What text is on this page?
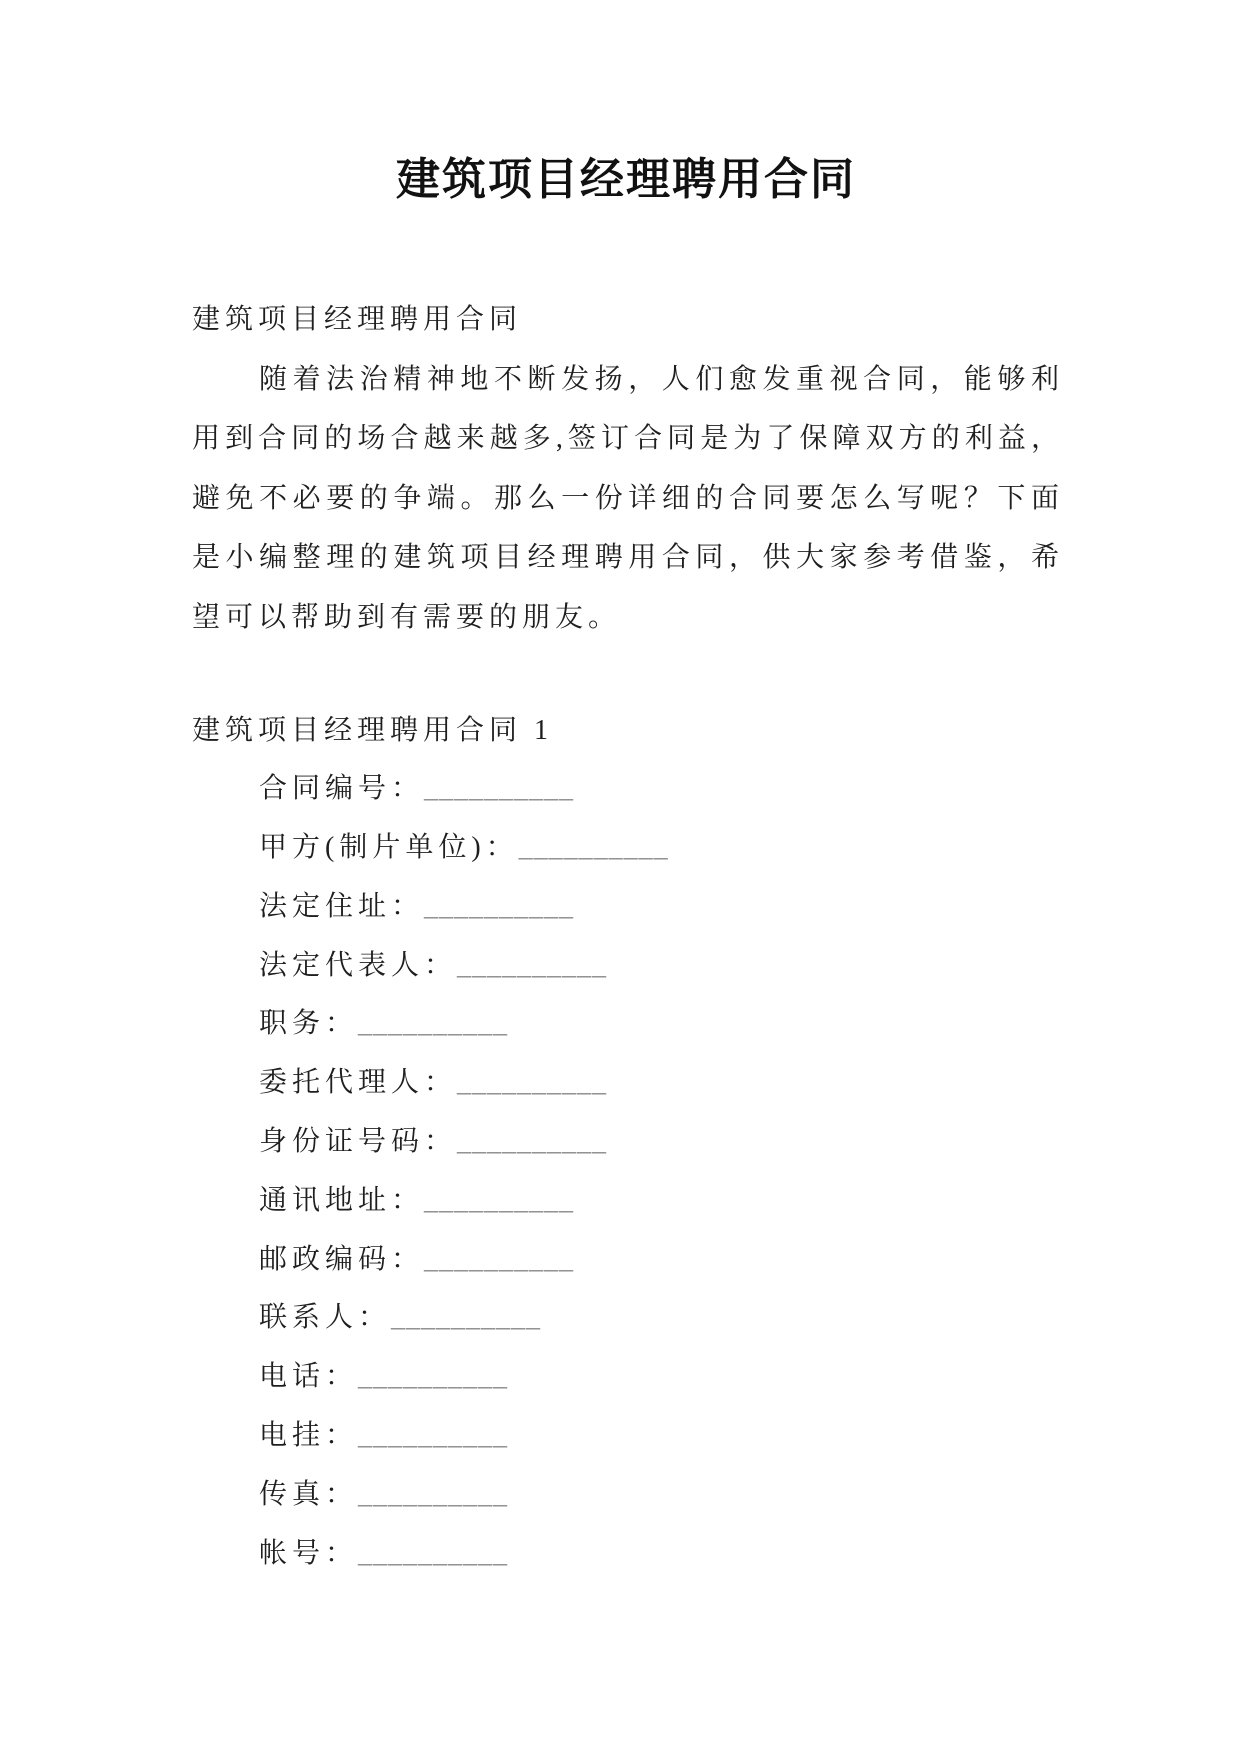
建筑项目经理聘用合同
建筑项目经理聘用合同
随着法治精神地不断发扬，人们愈发重视合同，能够利
用到合同的场合越来越多,签订合同是为了保障双方的利益，
避免不必要的争端。那么一份详细的合同要怎么写呢？下面
是小编整理的建筑项目经理聘用合同，供大家参考借鉴，希
望可以帮助到有需要的朋友。
建筑项目经理聘用合同 1
合同编号：__________
甲方(制片单位)：__________
法定住址：__________
法定代表人：__________
职务：__________
委托代理人：__________
身份证号码：__________
通讯地址：__________
邮政编码：__________
联系人：__________
电话：__________
电挂：__________
传真：__________
帐号：__________
